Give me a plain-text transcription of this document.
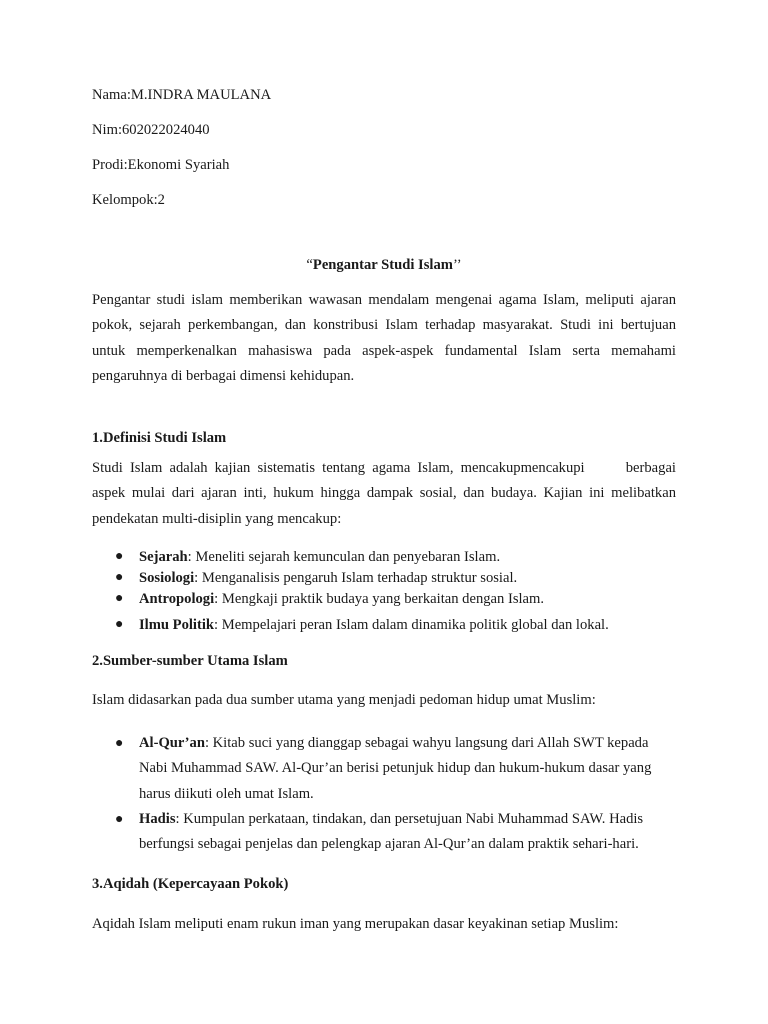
Nama:M.INDRA MAULANA
Nim:602022024040
Prodi:Ekonomi Syariah
Kelompok:2
“Pengantar Studi Islam’’

Pengantar studi islam memberikan wawasan mendalam mengenai agama Islam, meliputi ajaran pokok, sejarah perkembangan, dan konstribusi Islam terhadap masyarakat. Studi ini bertujuan untuk memperkenalkan mahasiswa pada aspek-aspek fundamental Islam serta memahami pengaruhnya di berbagai dimensi kehidupan.

1.Definisi Studi Islam

Studi Islam adalah kajian sistematis tentang agama Islam, mencakupmencakupi	berbagai aspek mulai dari ajaran inti, hukum hingga dampak sosial, dan budaya. Kajian ini melibatkan pendekatan multi-disiplin yang mencakup:

● Sejarah: Meneliti sejarah kemunculan dan penyebaran Islam.
● Sosiologi: Menganalisis pengaruh Islam terhadap struktur sosial.
● Antropologi: Mengkaji praktik budaya yang berkaitan dengan Islam.
● Ilmu Politik: Mempelajari peran Islam dalam dinamika politik global dan lokal.
2.Sumber-sumber Utama Islam

Islam didasarkan pada dua sumber utama yang menjadi pedoman hidup umat Muslim:

● Al-Qur’an: Kitab suci yang dianggap sebagai wahyu langsung dari Allah SWT kepada Nabi Muhammad SAW. Al-Qur’an berisi petunjuk hidup dan hukum-hukum dasar yang harus diikuti oleh umat Islam.
● Hadis: Kumpulan perkataan, tindakan, dan persetujuan Nabi Muhammad SAW. Hadis berfungsi sebagai penjelas dan pelengkap ajaran Al-Qur’an dalam praktik sehari-hari.
3.Aqidah (Kepercayaan Pokok)

Aqidah Islam meliputi enam rukun iman yang merupakan dasar keyakinan setiap Muslim:
